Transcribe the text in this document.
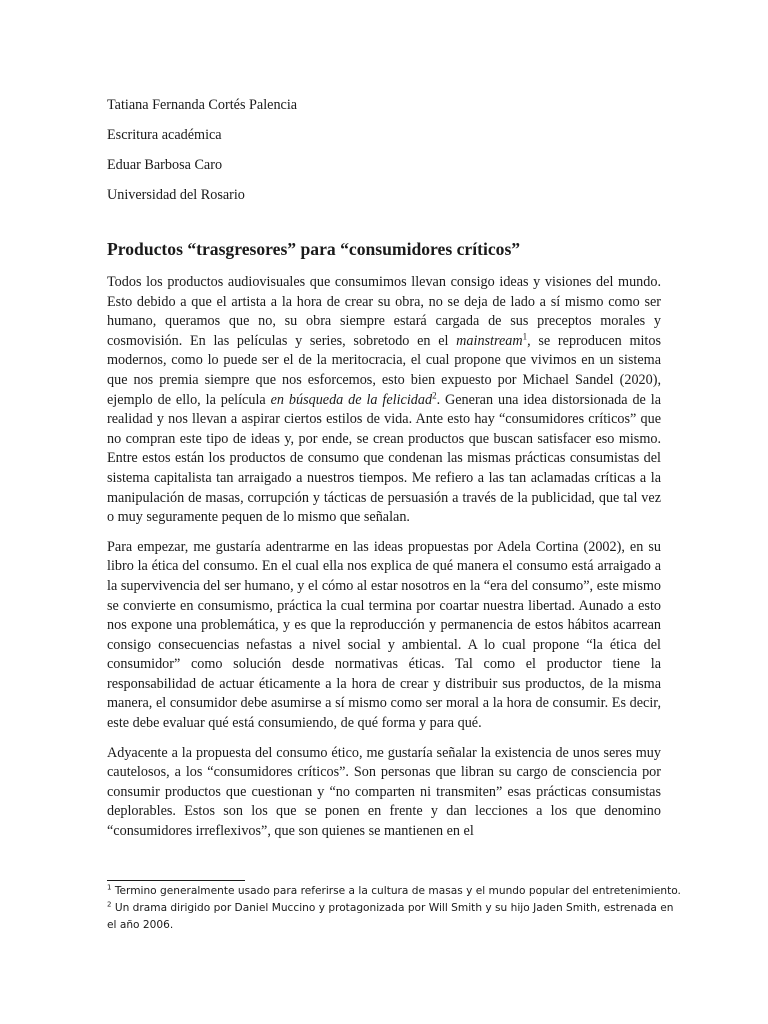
Tatiana Fernanda Cortés Palencia
Escritura académica
Eduar Barbosa Caro
Universidad del Rosario
Productos “trasgresores” para “consumidores críticos”

Todos los productos audiovisuales que consumimos llevan consigo ideas y visiones del mundo. Esto debido a que el artista a la hora de crear su obra, no se deja de lado a sí mismo como ser humano, queramos que no, su obra siempre estará cargada de sus preceptos morales y cosmovisión. En las películas y series, sobretodo en el mainstream$^1$, se reproducen mitos modernos, como lo puede ser el de la meritocracia, el cual propone que vivimos en un sistema que nos premia siempre que nos esforcemos, esto bien expuesto por Michael Sandel (2020), ejemplo de ello, la película en búsqueda de la felicidad$^2$. Generan una idea distorsionada de la realidad y nos llevan a aspirar ciertos estilos de vida. Ante esto hay “consumidores críticos” que no compran este tipo de ideas y, por ende, se crean productos que buscan satisfacer eso mismo. Entre estos están los productos de consumo que condenan las mismas prácticas consumistas del sistema capitalista tan arraigado a nuestros tiempos. Me refiero a las tan aclamadas críticas a la manipulación de masas, corrupción y tácticas de persuasión a través de la publicidad, que tal vez o muy seguramente pequen de lo mismo que señalan.

Para empezar, me gustaría adentrarme en las ideas propuestas por Adela Cortina (2002), en su libro la ética del consumo. En el cual ella nos explica de qué manera el consumo está arraigado a la supervivencia del ser humano, y el cómo al estar nosotros en la “era del consumo”, este mismo se convierte en consumismo, práctica la cual termina por coartar nuestra libertad. Aunado a esto nos expone una problemática, y es que la reproducción y permanencia de estos hábitos acarrean consigo consecuencias nefastas a nivel social y ambiental. A lo cual propone “la ética del consumidor” como solución desde normativas éticas. Tal como el productor tiene la responsabilidad de actuar éticamente a la hora de crear y distribuir sus productos, de la misma manera, el consumidor debe asumirse a sí mismo como ser moral a la hora de consumir. Es decir, este debe evaluar qué está consumiendo, de qué forma y para qué.

Adyacente a la propuesta del consumo ético, me gustaría señalar la existencia de unos seres muy cautelosos, a los “consumidores críticos”. Son personas que libran su cargo de consciencia por consumir productos que cuestionan y “no comparten ni transmiten” esas prácticas consumistas deplorables. Estos son los que se ponen en frente y dan lecciones a los que denomino “consumidores irreflexivos”, que son quienes se mantienen en el

$^1$ Termino generalmente usado para referirse a la cultura de masas y el mundo popular del entretenimiento.
$^2$ Un drama dirigido por Daniel Muccino y protagonizada por Will Smith y su hijo Jaden Smith, estrenada en
el año 2006.
